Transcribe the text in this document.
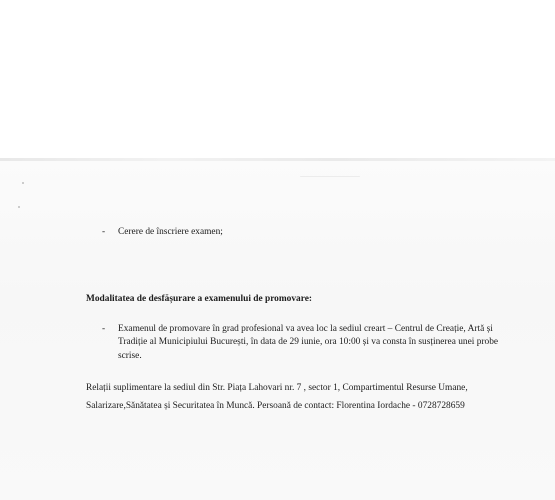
- Cerere de înscriere examen;
Modalitatea de desfășurare a examenului de promovare:
- Examenul de promovare în grad profesional va avea loc la sediul creart – Centrul de Creație, Artă și
Tradiție al Municipiului București, în data de 29 iunie, ora 10:00 și va consta în susținerea unei probe
scrise.
Relații suplimentare la sediul din Str. Piața Lahovari nr. 7 , sector 1, Compartimentul Resurse Umane,
Salarizare,Sănătatea și Securitatea în Muncă. Persoană de contact: Florentina Iordache - 0728728659
